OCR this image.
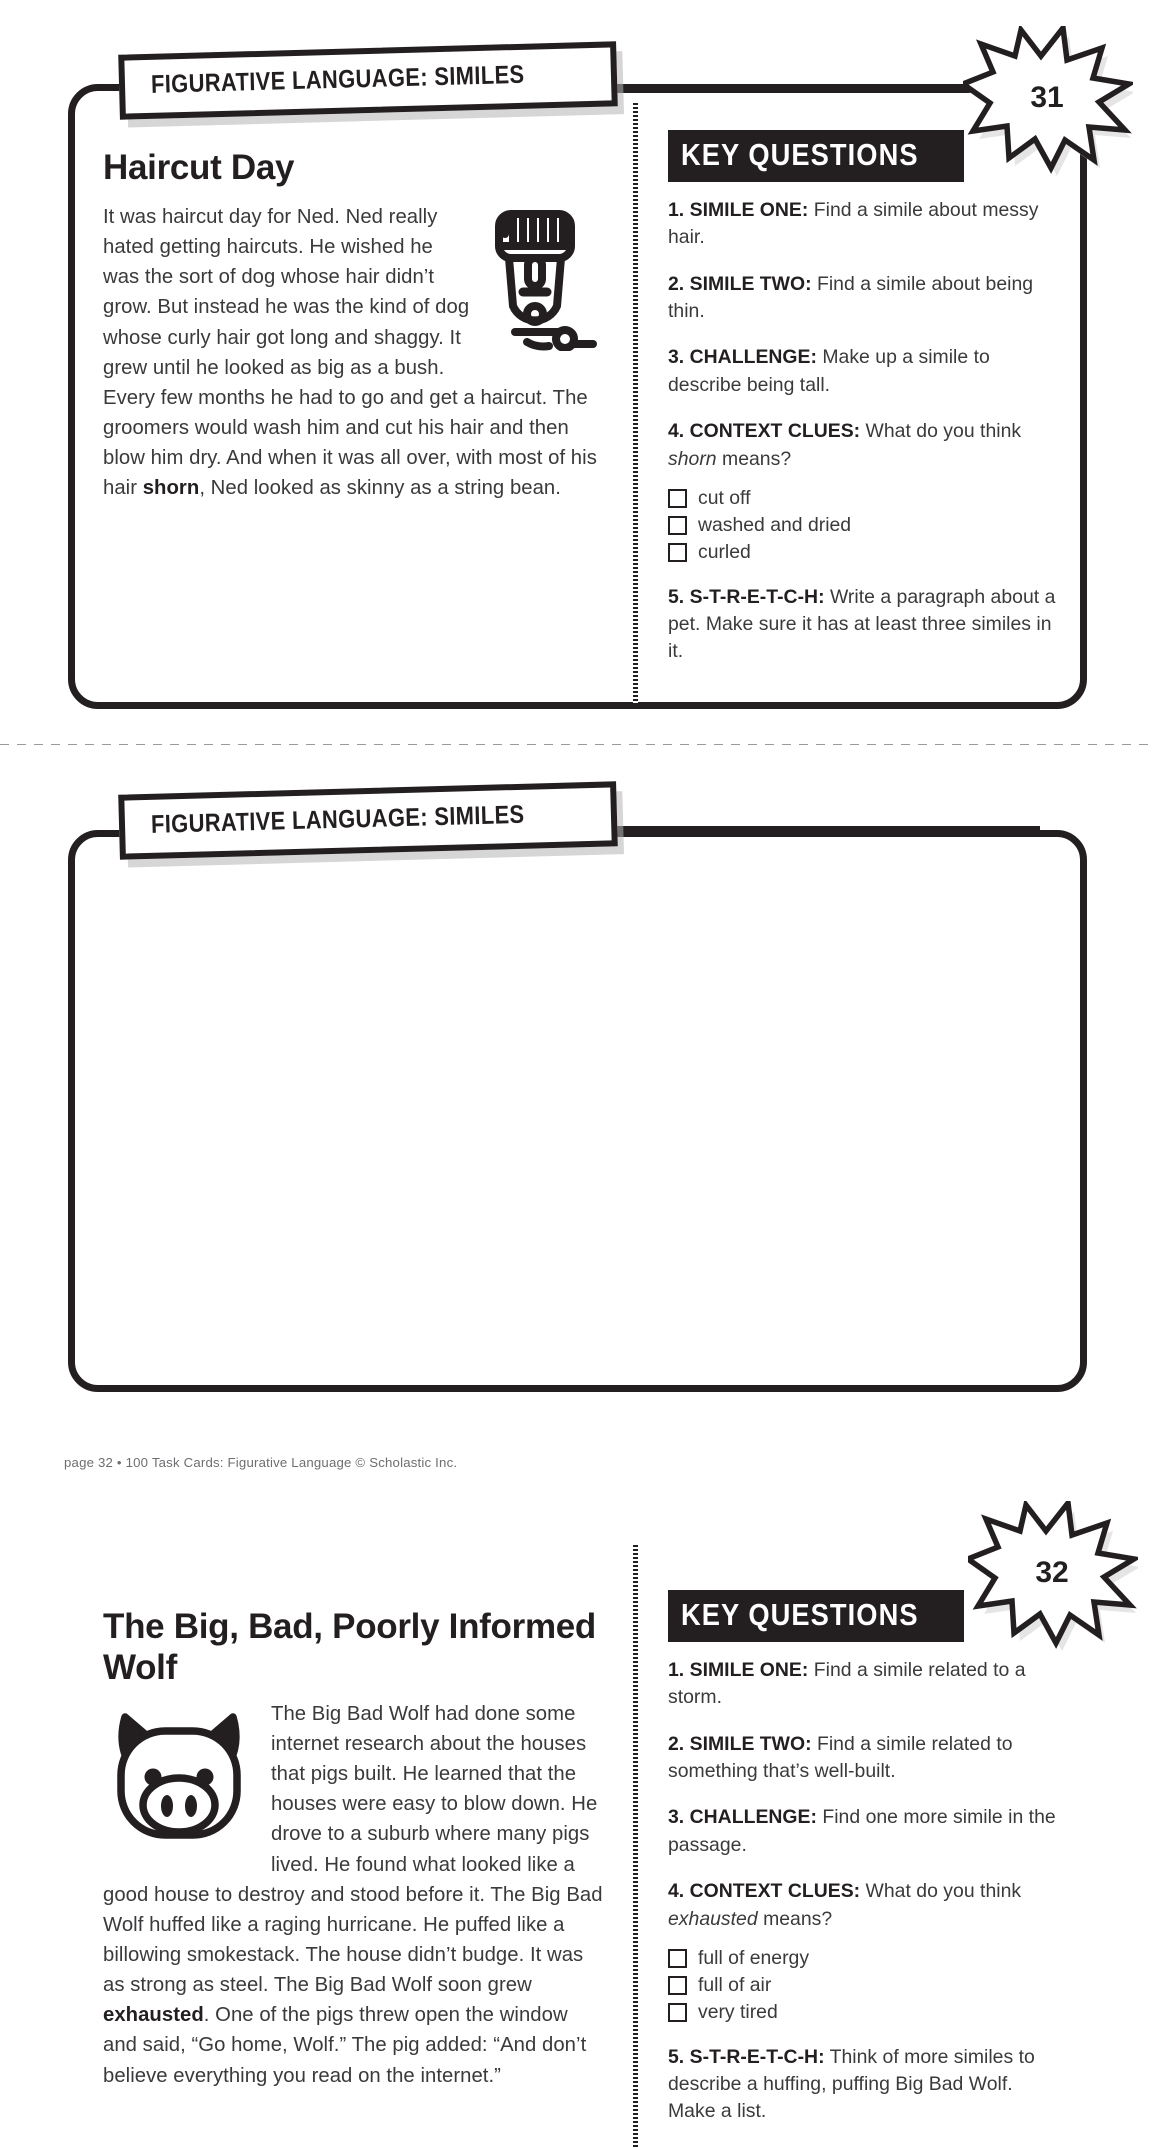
FIGURATIVE LANGUAGE: SIMILES	31
Haircut Day

It was haircut day for Ned. Ned really hated getting haircuts. He wished he was the sort of dog whose hair didn’t grow. But instead he was the kind of dog whose curly hair got long and shaggy. It grew until he looked as big as a bush. Every few months he had to go and get a haircut. The groomers would wash him and cut his hair and then blow him dry. And when it was all over, with most of his hair shorn, Ned looked as skinny as a string bean.

KEY QUESTIONS

1. SIMILE ONE: Find a simile about messy hair.

2. SIMILE TWO: Find a simile about being thin.

3. CHALLENGE: Make up a simile to describe being tall.

4. CONTEXT CLUES: What do you think shorn means?

cut off
washed and dried
curled

5. S-T-R-E-T-C-H: Write a paragraph about a pet. Make sure it has at least three similes in it.

FIGURATIVE LANGUAGE: SIMILES
32
The Big, Bad, Poorly Informed Wolf

The Big Bad Wolf had done some internet research about the houses that pigs built. He learned that the houses were easy to blow down. He drove to a suburb where many pigs lived. He found what looked like a good house to destroy and stood before it. The Big Bad Wolf huffed like a raging hurricane. He puffed like a billowing smokestack. The house didn’t budge. It was as strong as steel. The Big Bad Wolf soon grew exhausted. One of the pigs threw open the window and said, “Go home, Wolf.” The pig added: “And don’t believe everything you read on the internet.”

KEY QUESTIONS

1. SIMILE ONE: Find a simile related to a storm.

2. SIMILE TWO: Find a simile related to something that’s well-built.

3. CHALLENGE: Find one more simile in the passage.

4. CONTEXT CLUES: What do you think exhausted means?

full of energy
full of air
very tired

5. S-T-R-E-T-C-H: Think of more similes to describe a huffing, puffing Big Bad Wolf. Make a list.

page 32 • 100 Task Cards: Figurative Language © Scholastic Inc.
